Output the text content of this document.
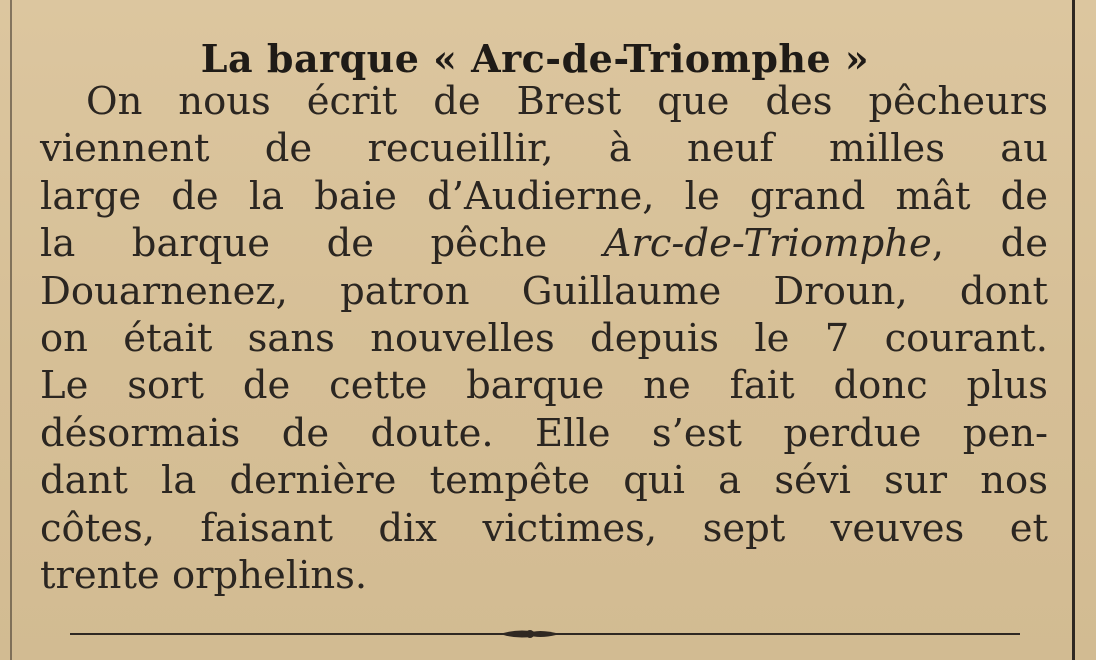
La barque « Arc-de-Triomphe »
On nous écrit de Brest que des pêcheurs
viennent de recueillir, à neuf milles au
large de la baie d’Audierne, le grand mât de
la barque de pêche Arc-de-Triomphe, de
Douarnenez, patron Guillaume Droun, dont
on était sans nouvelles depuis le 7 courant.
Le sort de cette barque ne fait donc plus
désormais de doute. Elle s’est perdue pen-
dant la dernière tempête qui a sévi sur nos
côtes, faisant dix victimes, sept veuves et
trente orphelins.
